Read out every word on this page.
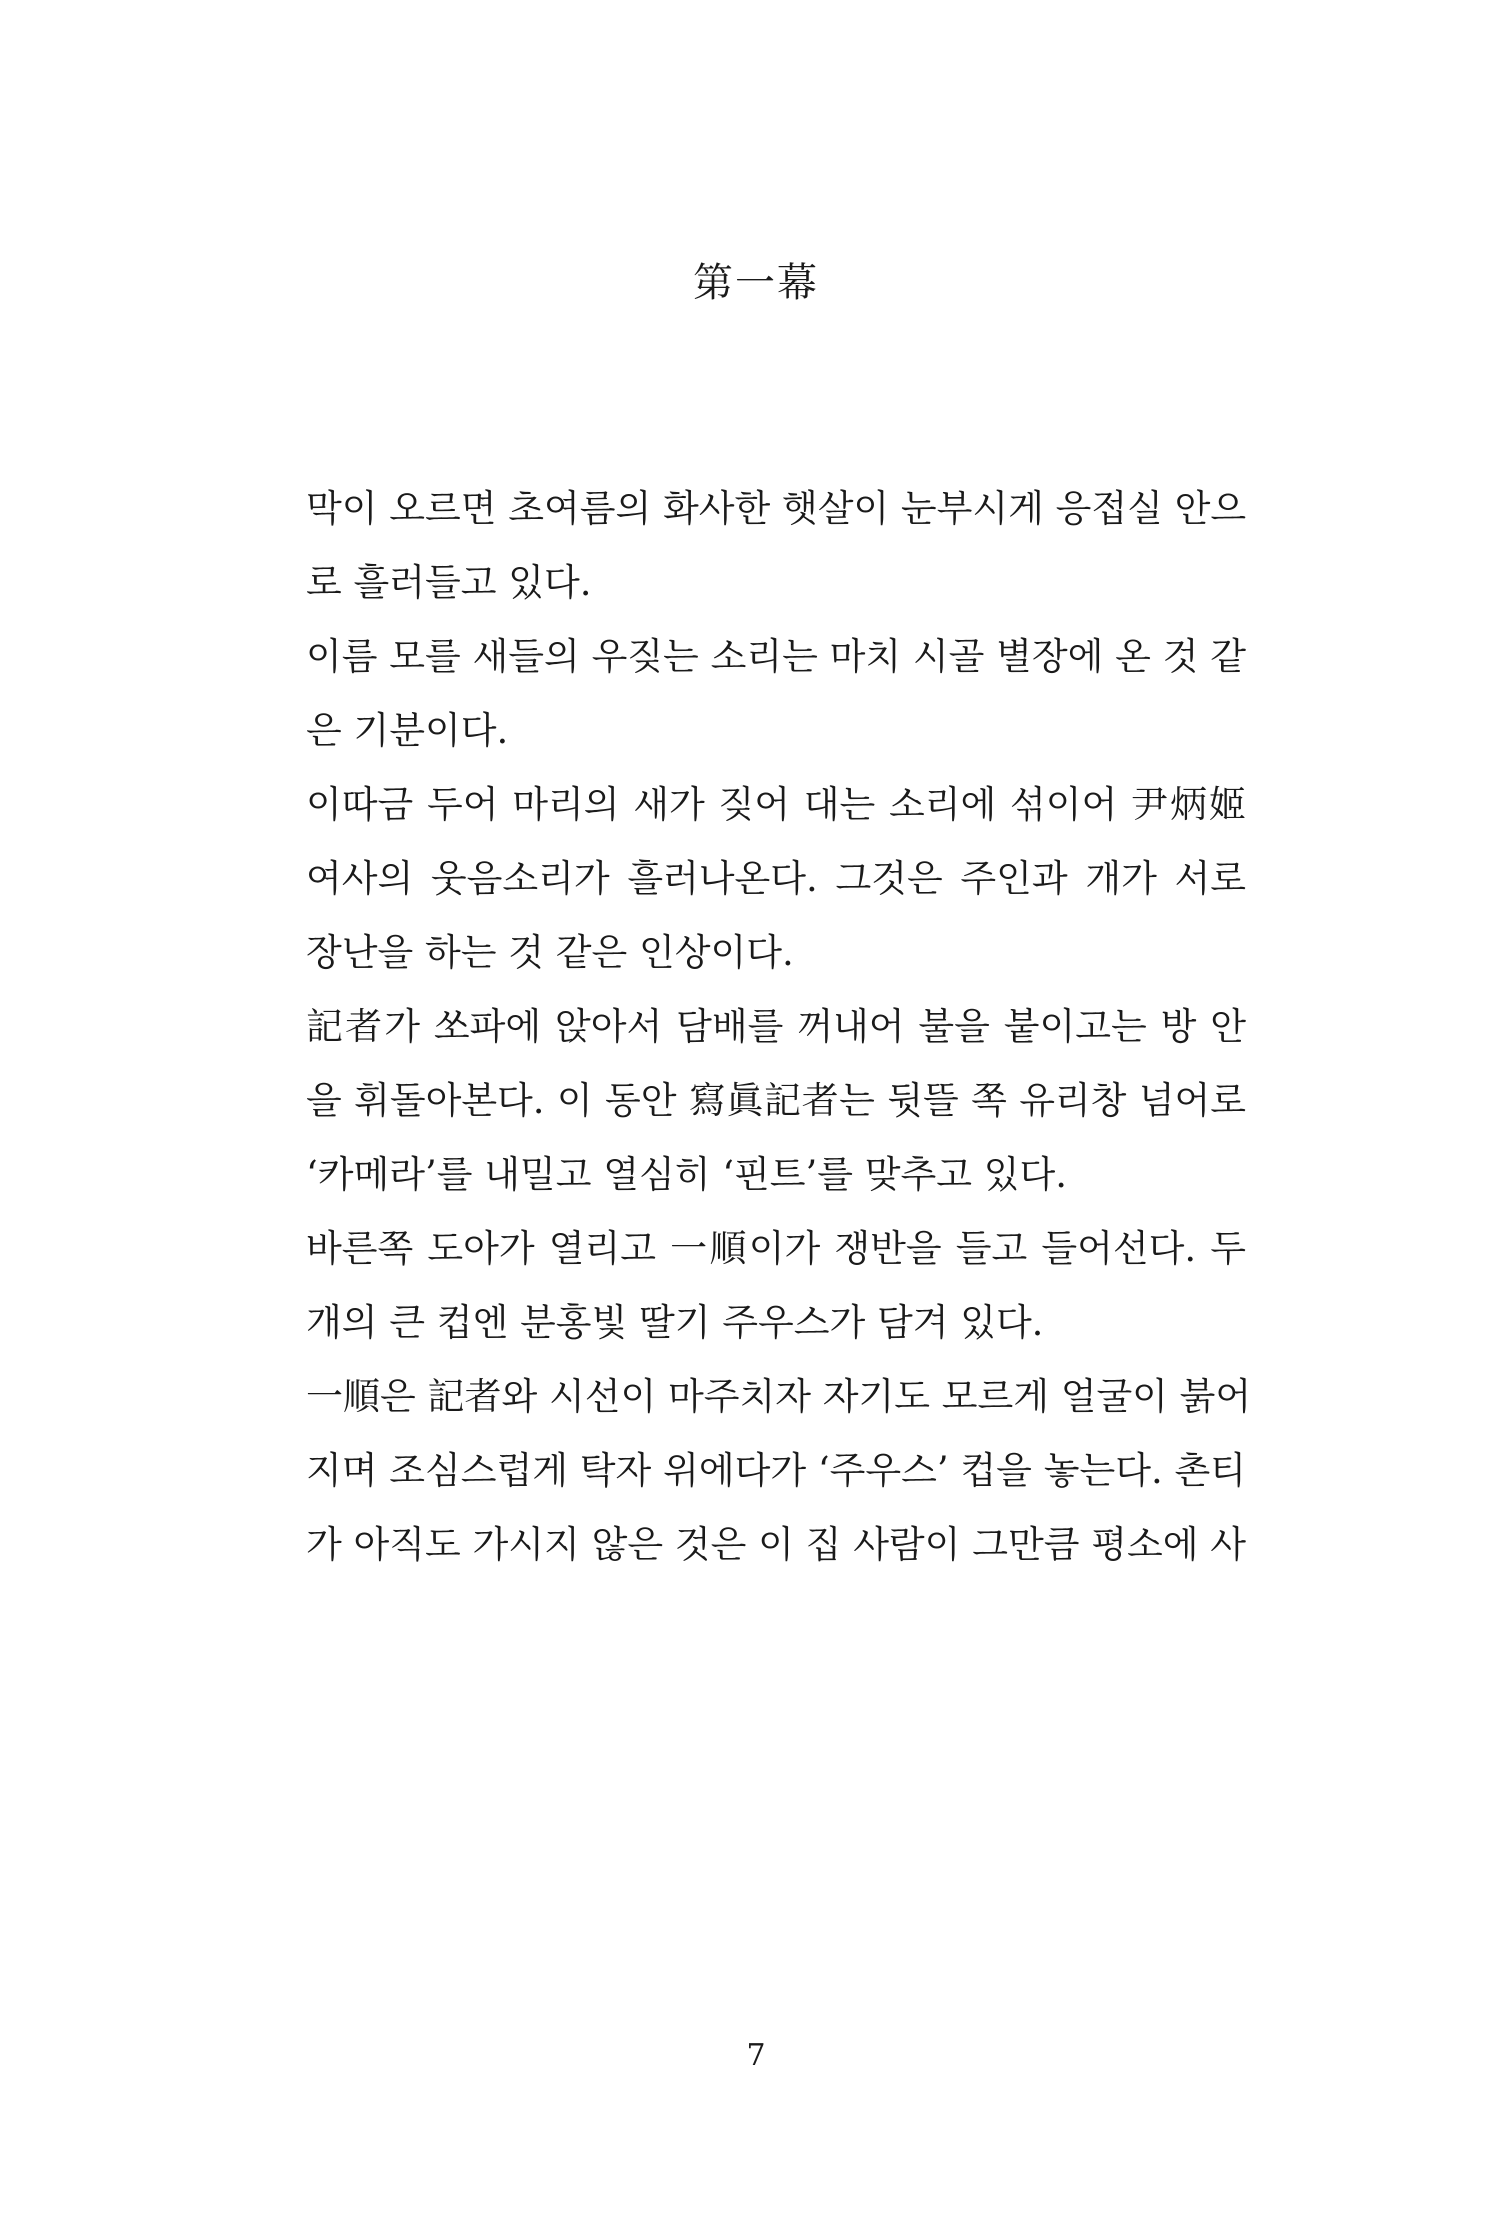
第一幕
막이 오르면 초여름의 화사한 햇살이 눈부시게 응접실 안으
로 흘러들고 있다.
이름 모를 새들의 우짖는 소리는 마치 시골 별장에 온 것 같
은 기분이다.
이따금 두어 마리의 새가 짖어 대는 소리에 섞이어 尹炳姬
여사의 웃음소리가 흘러나온다. 그것은 주인과 개가 서로
장난을 하는 것 같은 인상이다.
記者가 쏘파에 앉아서 담배를 꺼내어 불을 붙이고는 방 안
을 휘돌아본다. 이 동안 寫眞記者는 뒷뜰 쪽 유리창 넘어로
‘카메라’를 내밀고 열심히 ‘핀트’를 맞추고 있다.
바른쪽 도아가 열리고 一順이가 쟁반을 들고 들어선다. 두
개의 큰 컵엔 분홍빛 딸기 주우스가 담겨 있다.
一順은 記者와 시선이 마주치자 자기도 모르게 얼굴이 붉어
지며 조심스럽게 탁자 위에다가 ‘주우스’ 컵을 놓는다. 촌티
가 아직도 가시지 않은 것은 이 집 사람이 그만큼 평소에 사
7
